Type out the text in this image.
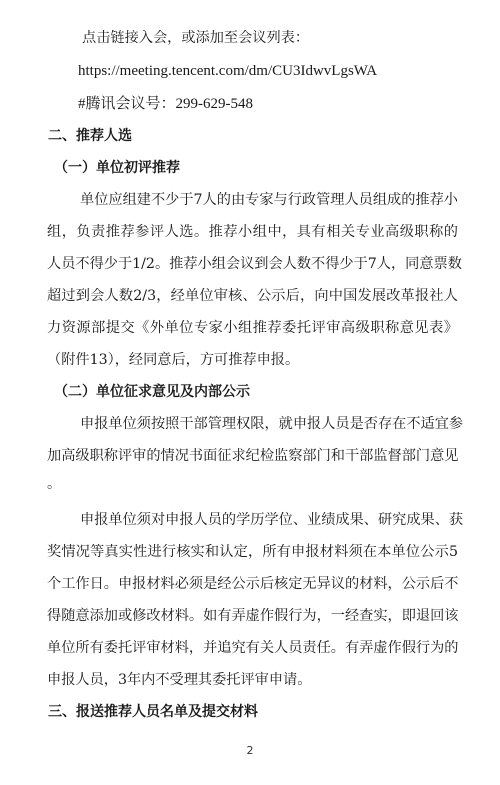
点击链接入会，或添加至会议列表：
https://meeting.tencent.com/dm/CU3IdwvLgsWA
#腾讯会议号：299-629-548
二、推荐人选
（一）单位初评推荐
单位应组建不少于7人的由专家与行政管理人员组成的推荐小
组，负责推荐参评人选。推荐小组中，具有相关专业高级职称的
人员不得少于1/2。推荐小组会议到会人数不得少于7人，同意票数
超过到会人数2/3，经单位审核、公示后，向中国发展改革报社人
力资源部提交《外单位专家小组推荐委托评审高级职称意见表》
（附件13），经同意后，方可推荐申报。
（二）单位征求意见及内部公示
申报单位须按照干部管理权限，就申报人员是否存在不适宜参
加高级职称评审的情况书面征求纪检监察部门和干部监督部门意见
。
申报单位须对申报人员的学历学位、业绩成果、研究成果、获
奖情况等真实性进行核实和认定，所有申报材料须在本单位公示5
个工作日。申报材料必须是经公示后核定无异议的材料，公示后不
得随意添加或修改材料。如有弄虚作假行为，一经查实，即退回该
单位所有委托评审材料，并追究有关人员责任。有弄虚作假行为的
申报人员，3年内不受理其委托评审申请。
三、报送推荐人员名单及提交材料
2
